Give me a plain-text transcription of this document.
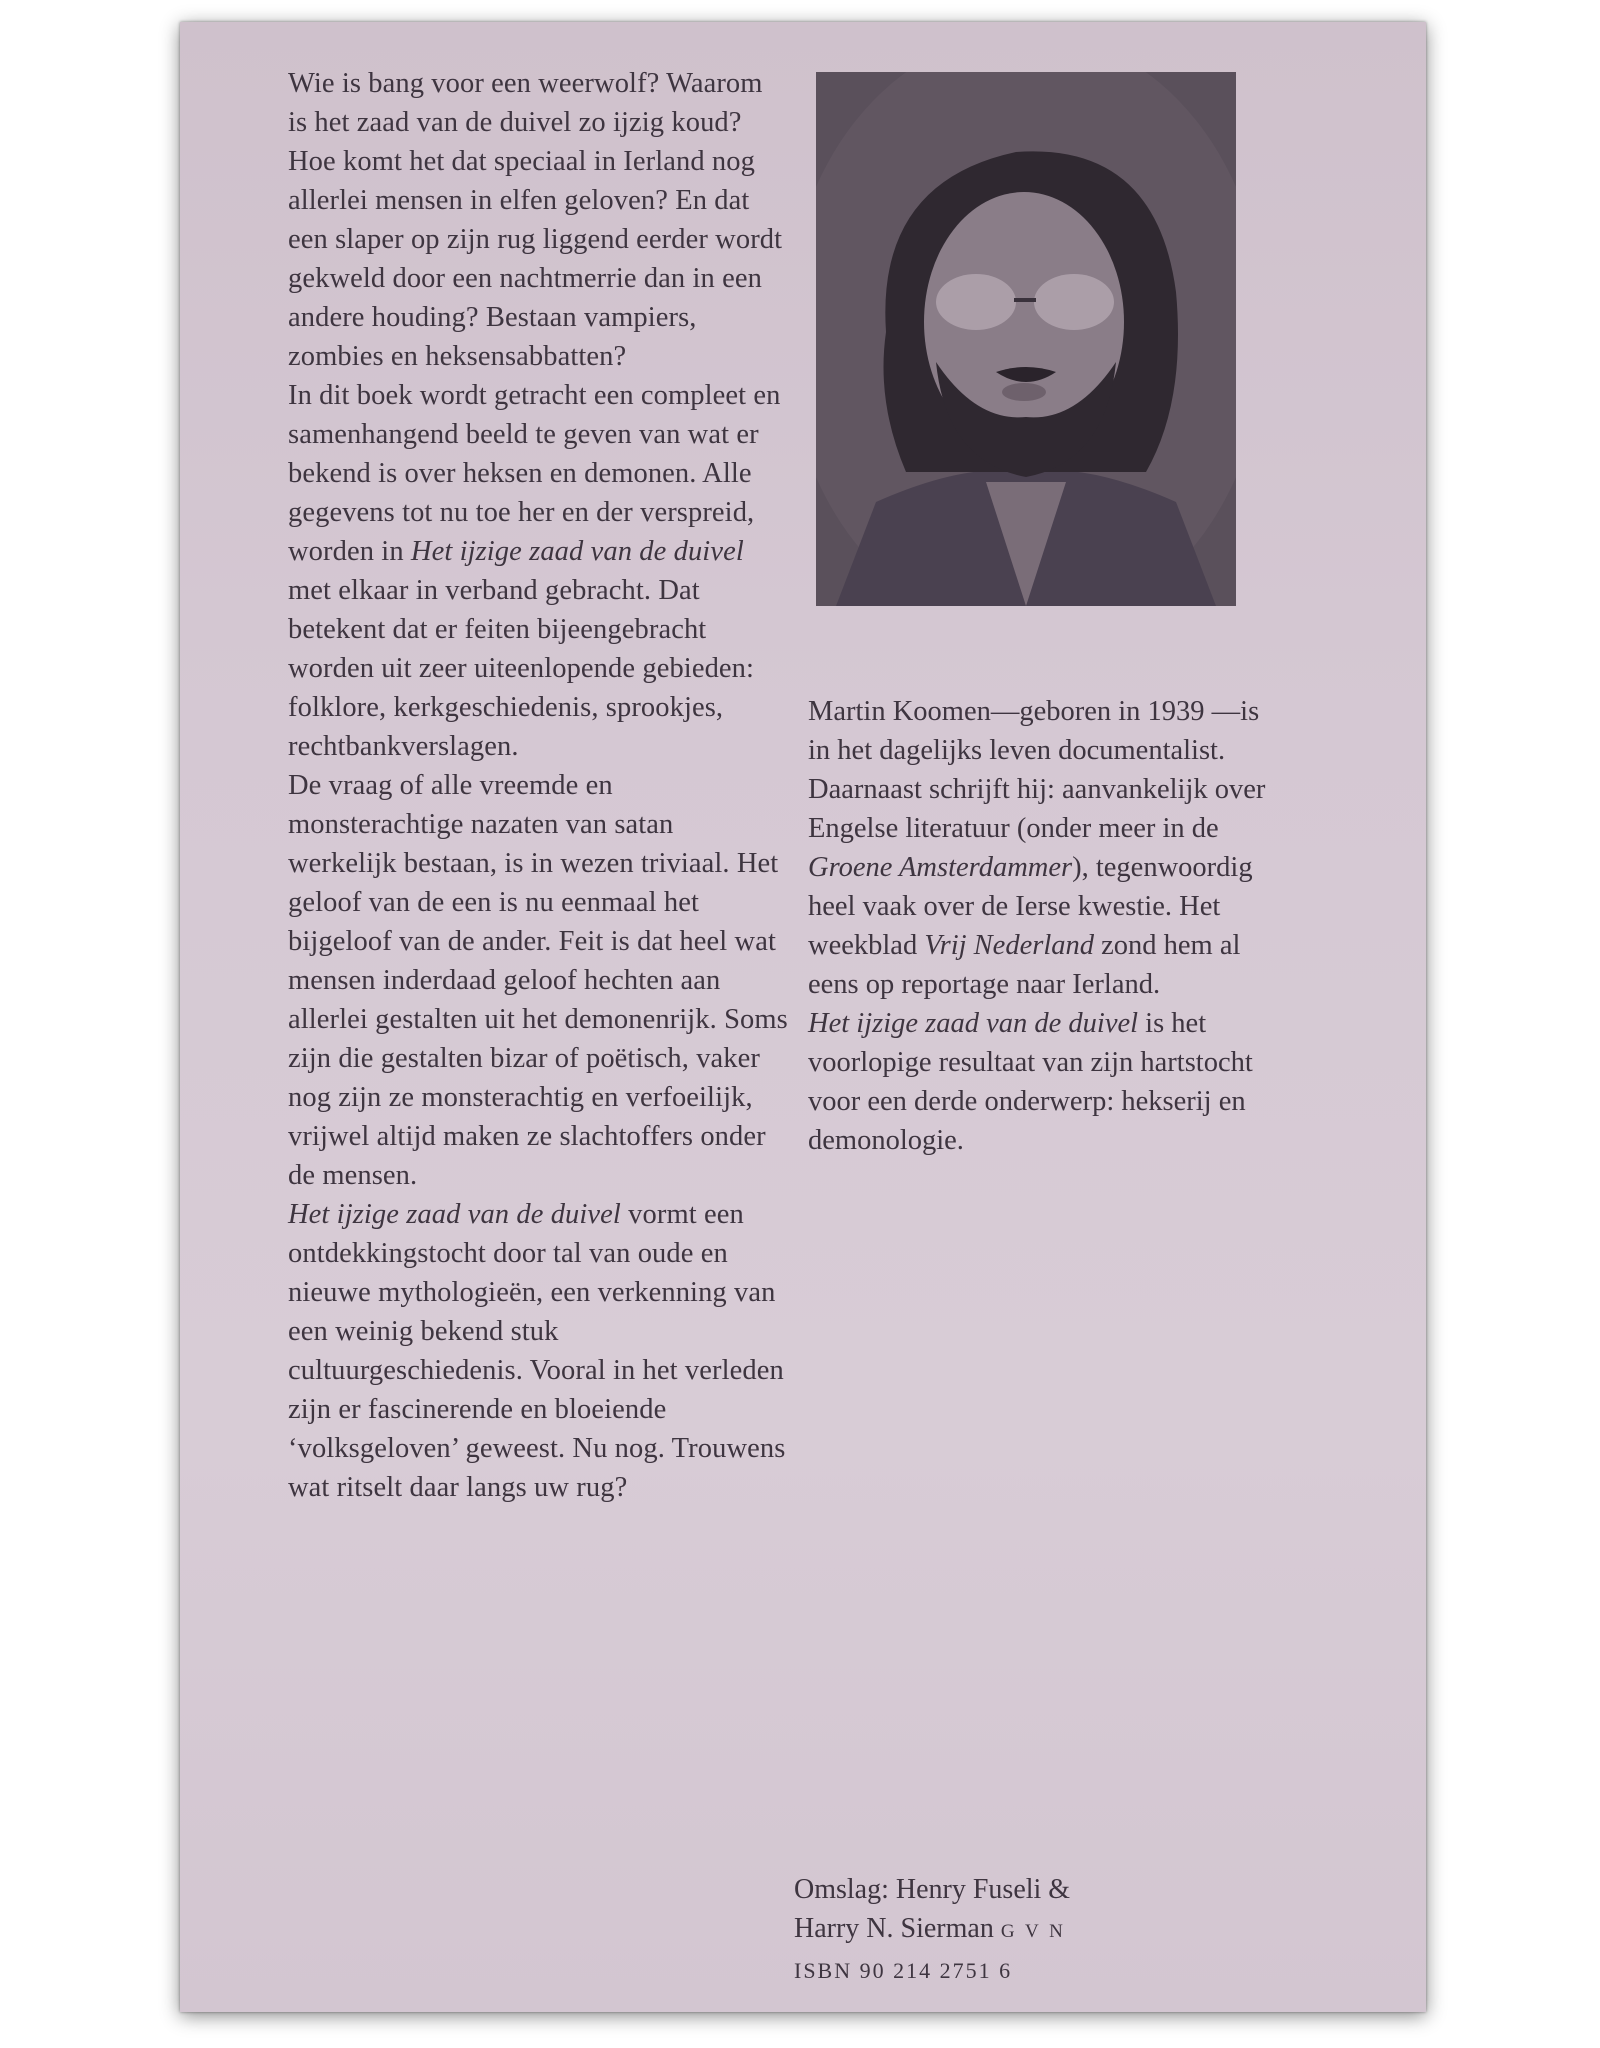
Wie is bang voor een weerwolf? Waarom is het zaad van de duivel zo ijzig koud? Hoe komt het dat speciaal in Ierland nog allerlei mensen in elfen geloven? En dat een slaper op zijn rug liggend eerder wordt gekweld door een nachtmerrie dan in een andere houding? Bestaan vampiers, zombies en heksensabbatten?

In dit boek wordt getracht een compleet en samenhangend beeld te geven van wat er bekend is over heksen en demonen. Alle gegevens tot nu toe her en der verspreid, worden in Het ijzige zaad van de duivel met elkaar in verband gebracht. Dat betekent dat er feiten bijeengebracht worden uit zeer uiteenlopende gebieden: folklore, kerkgeschiedenis, sprookjes, rechtbankverslagen.

De vraag of alle vreemde en monsterachtige nazaten van satan werkelijk bestaan, is in wezen triviaal. Het geloof van de een is nu eenmaal het bijgeloof van de ander. Feit is dat heel wat mensen inderdaad geloof hechten aan allerlei gestalten uit het demonenrijk. Soms zijn die gestalten bizar of poëtisch, vaker nog zijn ze monsterachtig en verfoeilijk, vrijwel altijd maken ze slachtoffers onder de mensen.

Het ijzige zaad van de duivel vormt een ontdekkingstocht door tal van oude en nieuwe mythologieën, een verkenning van een weinig bekend stuk cultuurgeschiedenis. Vooral in het verleden zijn er fascinerende en bloeiende ‘volksgeloven’ geweest. Nu nog. Trouwens wat ritselt daar langs uw rug?

Martin Koomen—geboren in 1939 —is in het dagelijks leven documentalist. Daarnaast schrijft hij: aanvankelijk over Engelse literatuur (onder meer in de Groene Amsterdammer), tegenwoordig heel vaak over de Ierse kwestie. Het weekblad Vrij Nederland zond hem al eens op reportage naar Ierland.

Het ijzige zaad van de duivel is het voorlopige resultaat van zijn hartstocht voor een derde onderwerp: hekserij en demonologie.

Omslag: Henry Fuseli &
Harry N. Sierman G V N
ISBN 90 214 2751 6
